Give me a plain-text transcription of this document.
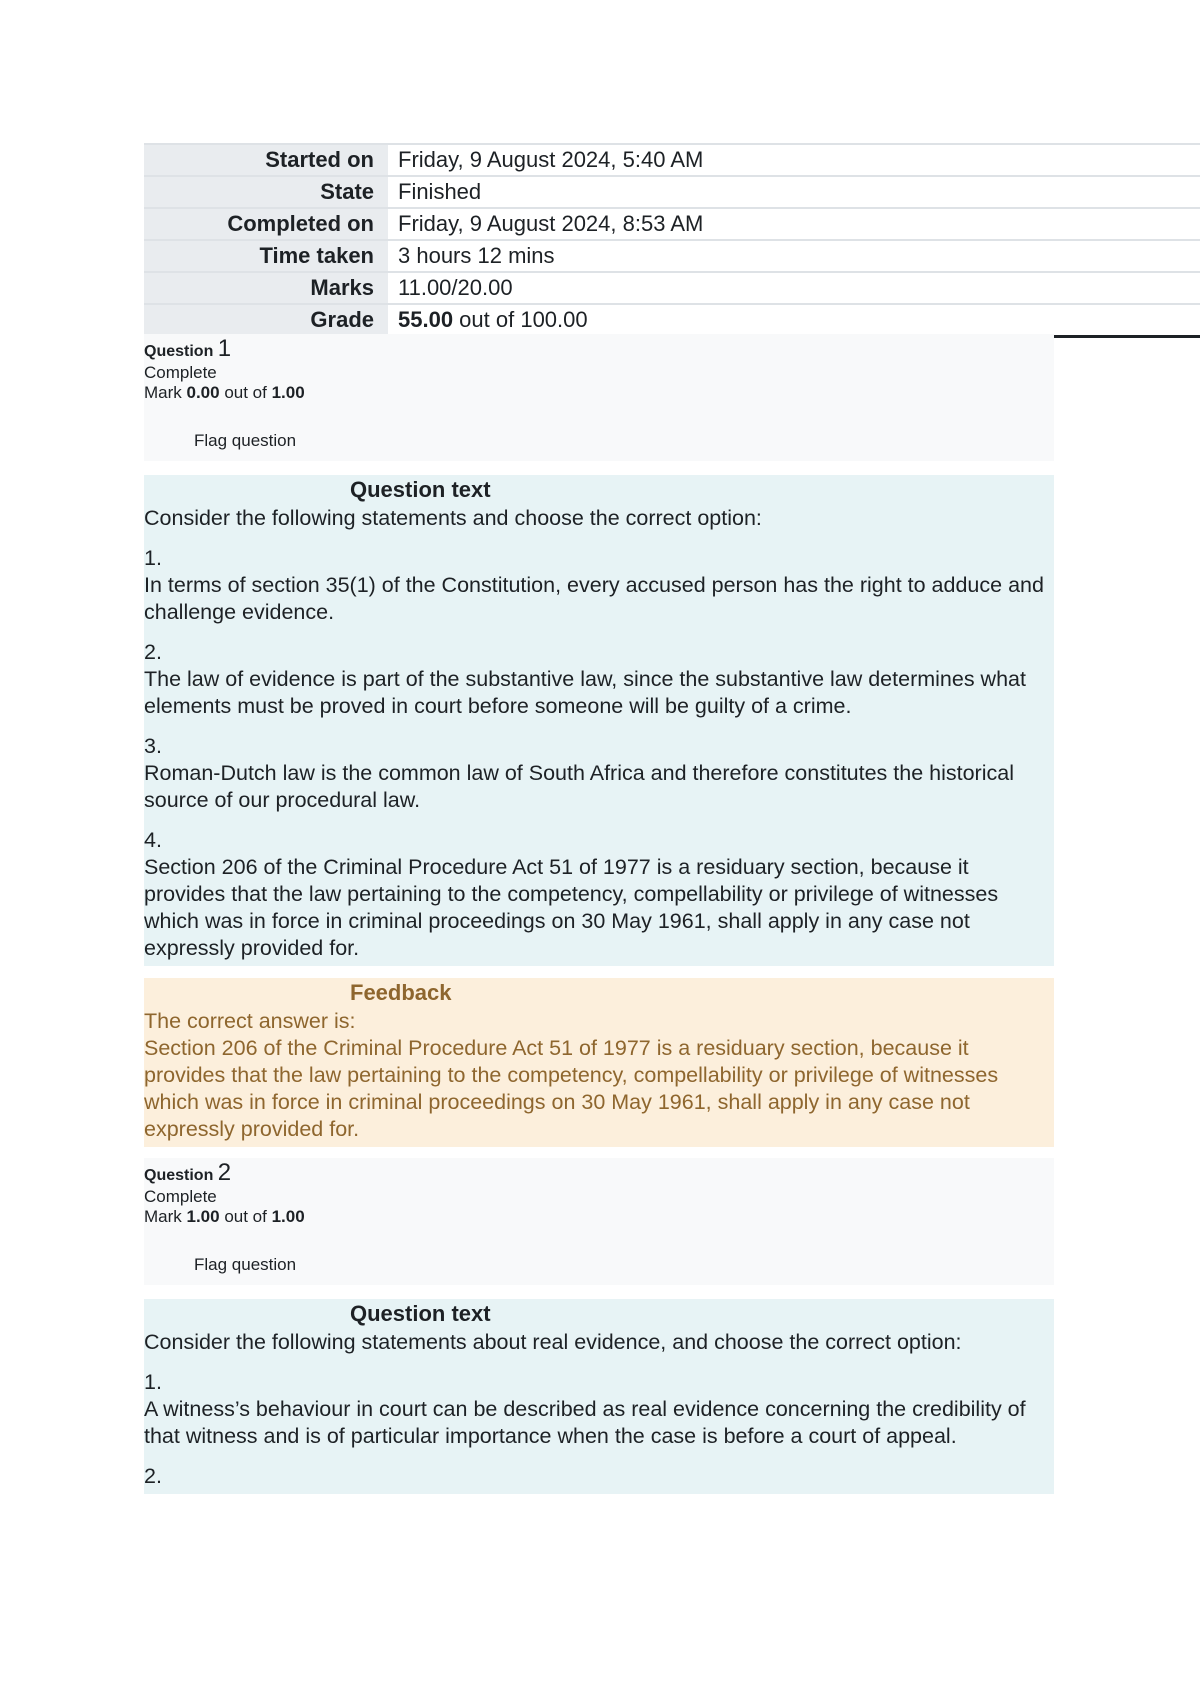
Started on	Friday, 9 August 2024, 5:40 AM
State	Finished
Completed on	Friday, 9 August 2024, 8:53 AM
Time taken	3 hours 12 mins
Marks	11.00/20.00
Grade	55.00 out of 100.00
Question 1
Complete
Mark 0.00 out of 1.00
Flag question
Question text

Consider the following statements and choose the correct option:

1.

In terms of section 35(1) of the Constitution, every accused person has the right to adduce and challenge evidence.

2.

The law of evidence is part of the substantive law, since the substantive law determines what elements must be proved in court before someone will be guilty of a crime.

3.

Roman-Dutch law is the common law of South Africa and therefore constitutes the historical source of our procedural law.

4.

Section 206 of the Criminal Procedure Act 51 of 1977 is a residuary section, because it provides that the law pertaining to the competency, compellability or privilege of witnesses which was in force in criminal proceedings on 30 May 1961, shall apply in any case not expressly provided for.

Feedback

The correct answer is:

Section 206 of the Criminal Procedure Act 51 of 1977 is a residuary section, because it provides that the law pertaining to the competency, compellability or privilege of witnesses which was in force in criminal proceedings on 30 May 1961, shall apply in any case not expressly provided for.

Question 2
Complete
Mark 1.00 out of 1.00
Flag question
Question text

Consider the following statements about real evidence, and choose the correct option:

1.

A witness’s behaviour in court can be described as real evidence concerning the credibility of that witness and is of particular importance when the case is before a court of appeal.

2.
